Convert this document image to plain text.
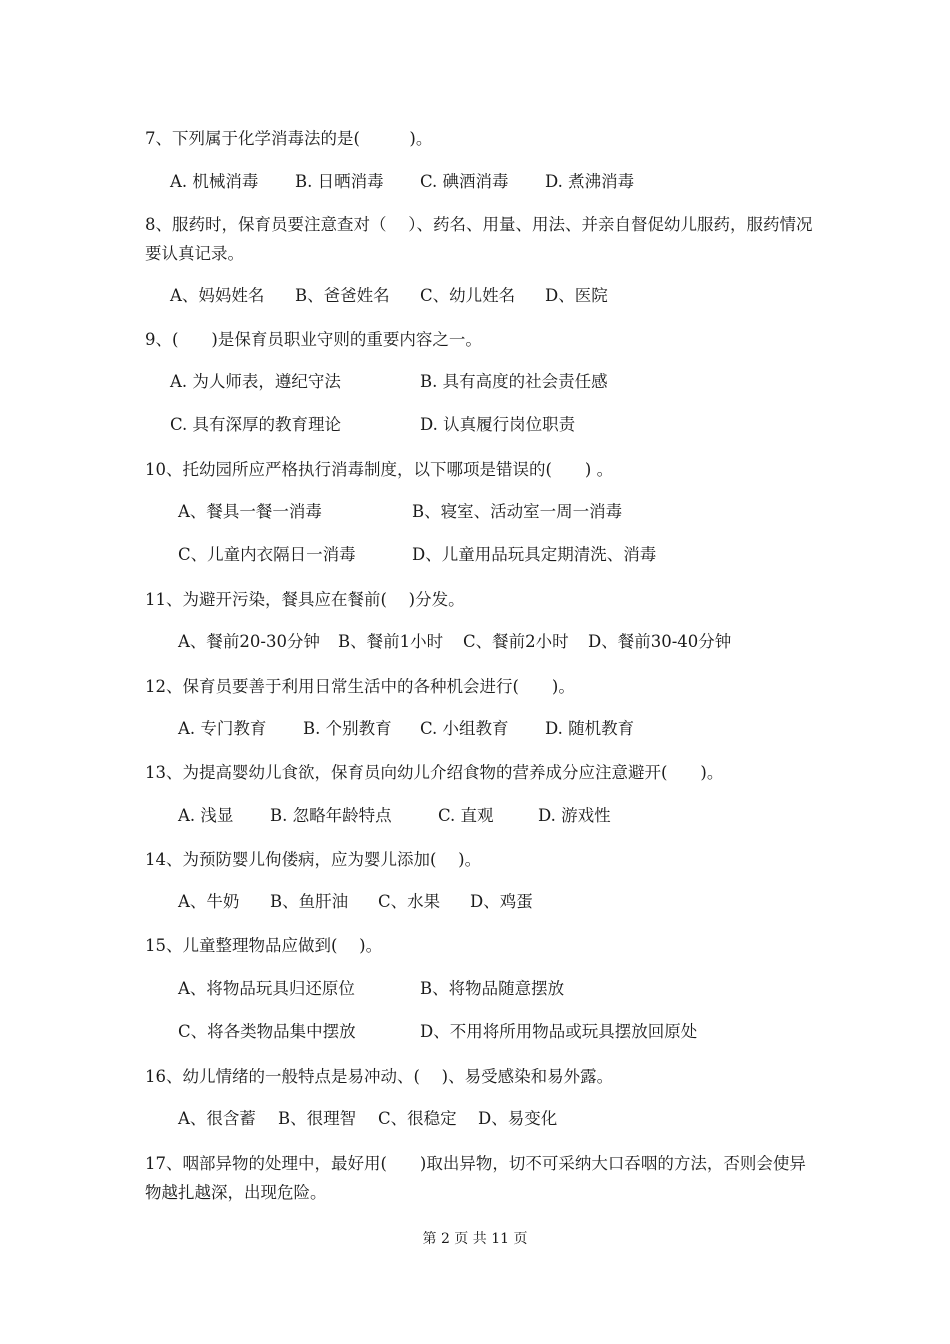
7、下列属于化学消毒法的是(　　　)。
A. 机械消毒 B. 日晒消毒 C. 碘酒消毒 D. 煮沸消毒
8、服药时，保育员要注意查对（　 ）、药名、用量、用法、并亲自督促幼儿服药，服药情况要认真记录。
A、妈妈姓名 B、爸爸姓名 C、幼儿姓名 D、医院
9、(　　)是保育员职业守则的重要内容之一。
A. 为人师表，遵纪守法	B. 具有高度的社会责任感
C. 具有深厚的教育理论	D. 认真履行岗位职责
10、托幼园所应严格执行消毒制度，以下哪项是错误的(　　) 。
A、餐具一餐一消毒	B、寝室、活动室一周一消毒
C、儿童内衣隔日一消毒	D、儿童用品玩具定期清洗、消毒
11、为避开污染，餐具应在餐前(　 )分发。
A、餐前20-30分钟 B、餐前1小时 C、餐前2小时 D、餐前30-40分钟
12、保育员要善于利用日常生活中的各种机会进行(　　)。
A. 专门教育 B. 个别教育 C. 小组教育 D. 随机教育
13、为提高婴幼儿食欲，保育员向幼儿介绍食物的营养成分应注意避开(　　)。
A. 浅显 B. 忽略年龄特点	C. 直观	D. 游戏性
14、为预防婴儿佝偻病，应为婴儿添加(　 )。
A、牛奶 B、鱼肝油 C、水果 D、鸡蛋
15、儿童整理物品应做到(　 )。
A、将物品玩具归还原位	B、将物品随意摆放
C、将各类物品集中摆放	D、不用将所用物品或玩具摆放回原处
16、幼儿情绪的一般特点是易冲动、(　 )、易受感染和易外露。
A、很含蓄 B、很理智 C、很稳定 D、易变化
17、咽部异物的处理中，最好用(　　)取出异物，切不可采纳大口吞咽的方法，否则会使异物越扎越深，出现危险。
第 2 页 共 11 页
